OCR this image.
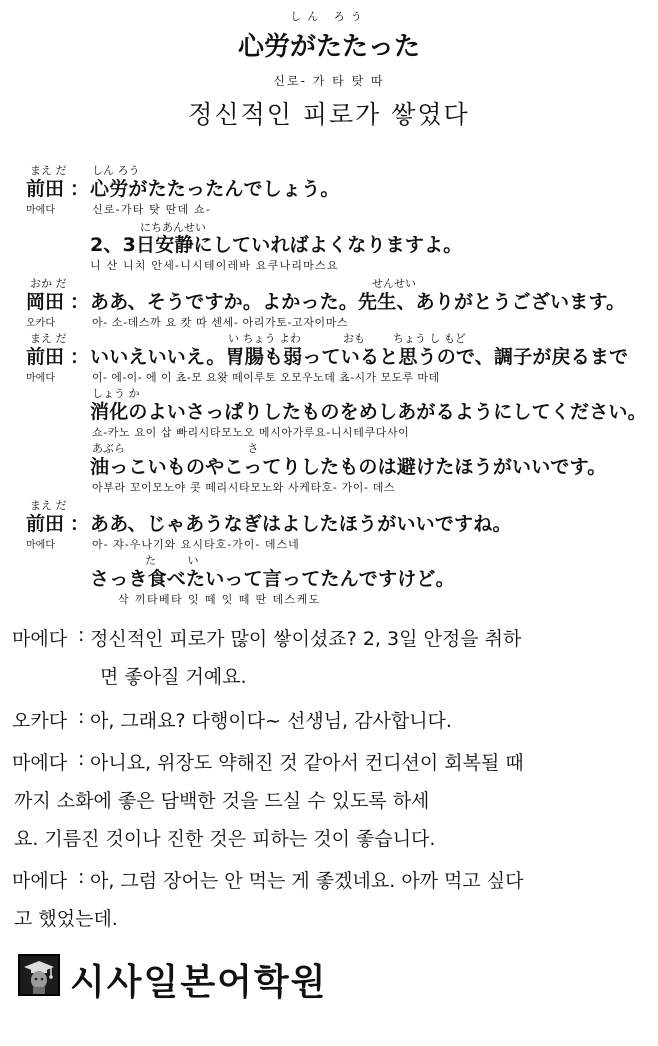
しん ろう
心労がたたった
신로- 가 타 탓 따
정신적인 피로가 쌓였다
まえ だ
前田 ：
마에다
しん ろう
心労がたたったんでしょう。
신로-가타 탓 딴데 쇼-
にちあんせい
2、3日安静にしていればよくなりますよ。
니 산 니치 안세-니시테이레바 요쿠나리마스요
おか だ
岡田 ：
오카다
せんせい
ああ、そうですか。よかった。先生、ありがとうございます。
아- 소-데스까 요 캇 따 센세- 아리가토-고자이마스
まえ だ
前田 ：
마에다
い ちょう よわ            おも        ちょう し もど
いいえいいえ。胃腸も弱っていると思うので、調子が戻るまで
이- 에-이- 에 이 쵸-모 요왓 떼이루토 오모우노데 쵸-시가 모도루 마데
しょう か
消化のよいさっぱりしたものをめしあがるようにしてください。
쇼-카노 요이 삽 빠리시타모노오 메시아가루요-니시테쿠다사이
あぶら                                   さ
油っこいものやこってりしたものは避けたほうがいいです。
아부라 꼬이모노야 콧 떼리시타모노와 사케타호- 가이- 데스
まえ だ
前田 ：
마에다
ああ、じゃあうなぎはよしたほうがいいですね。
아- 쟈-우나기와 요시타호-가이- 데스네
た         い
さっき食べたいって言ってたんですけど。
삭 끼타베타 잇 떼 잇 떼 딴 데스케도
마에다 : 정신적인 피로가 많이 쌓이셨죠? 2, 3일 안정을 취하
면 좋아질 거예요.
오카다 : 아, 그래요? 다행이다~ 선생님, 감사합니다.
마에다 : 아니요, 위장도 약해진 것 같아서 컨디션이 회복될 때
까지 소화에 좋은 담백한 것을 드실 수 있도록 하세
요. 기름진 것이나 진한 것은 피하는 것이 좋습니다.
마에다 : 아, 그럼 장어는 안 먹는 게 좋겠네요. 아까 먹고 싶다
고 했었는데.
시사일본어학원
